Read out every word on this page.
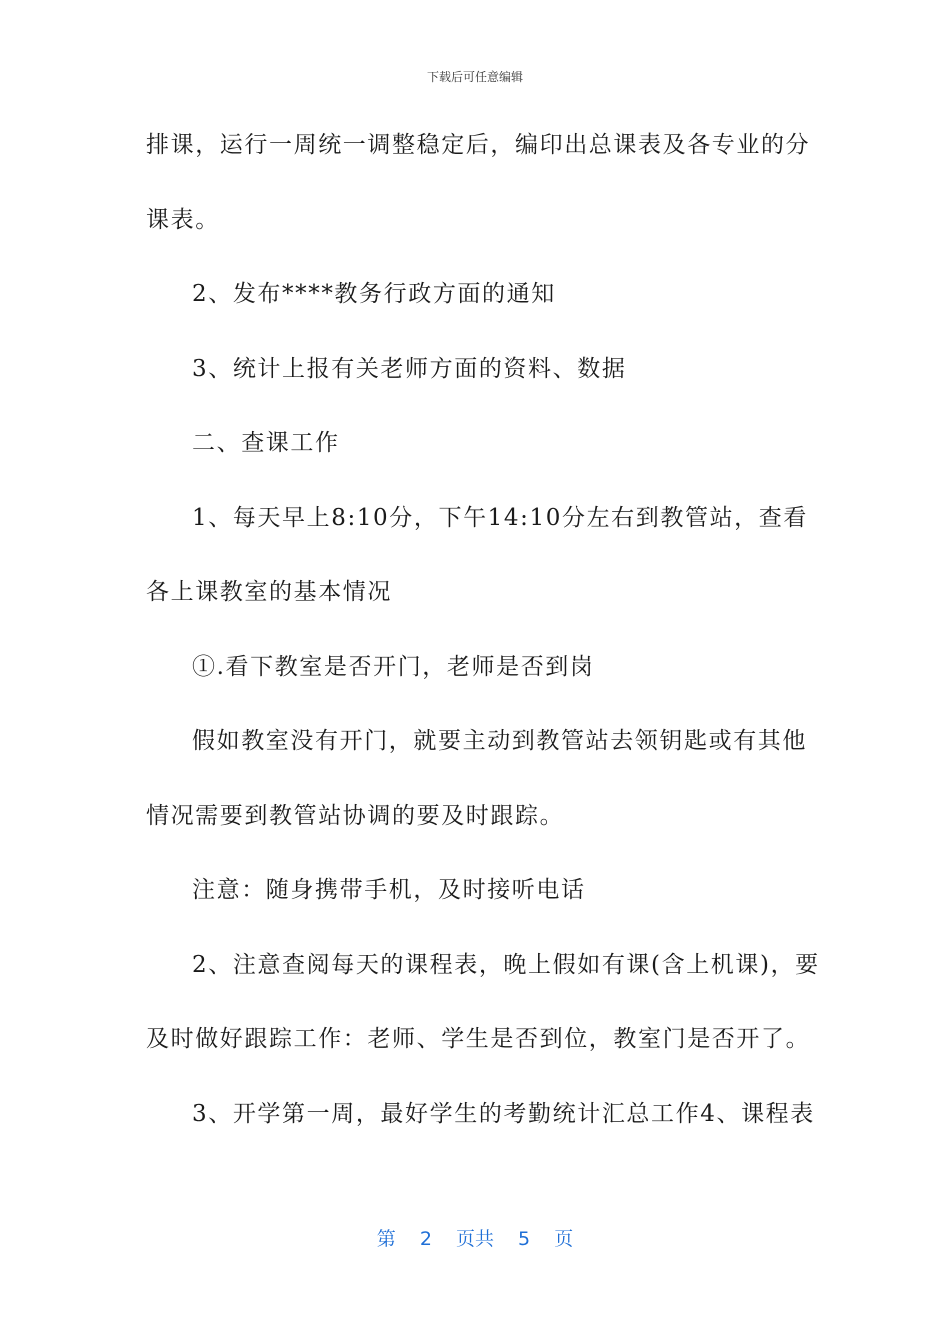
下载后可任意编辑
排课，运行一周统一调整稳定后，编印出总课表及各专业的分
课表。
2、发布****教务行政方面的通知
3、统计上报有关老师方面的资料、数据
二、查课工作
1、每天早上8:10分，下午14:10分左右到教管站，查看
各上课教室的基本情况
①.看下教室是否开门，老师是否到岗
假如教室没有开门，就要主动到教管站去领钥匙或有其他
情况需要到教管站协调的要及时跟踪。
注意：随身携带手机，及时接听电话
2、注意查阅每天的课程表，晚上假如有课(含上机课)，要
及时做好跟踪工作：老师、学生是否到位，教室门是否开了。
3、开学第一周，最好学生的考勤统计汇总工作4、课程表
第 2 页共 5 页
